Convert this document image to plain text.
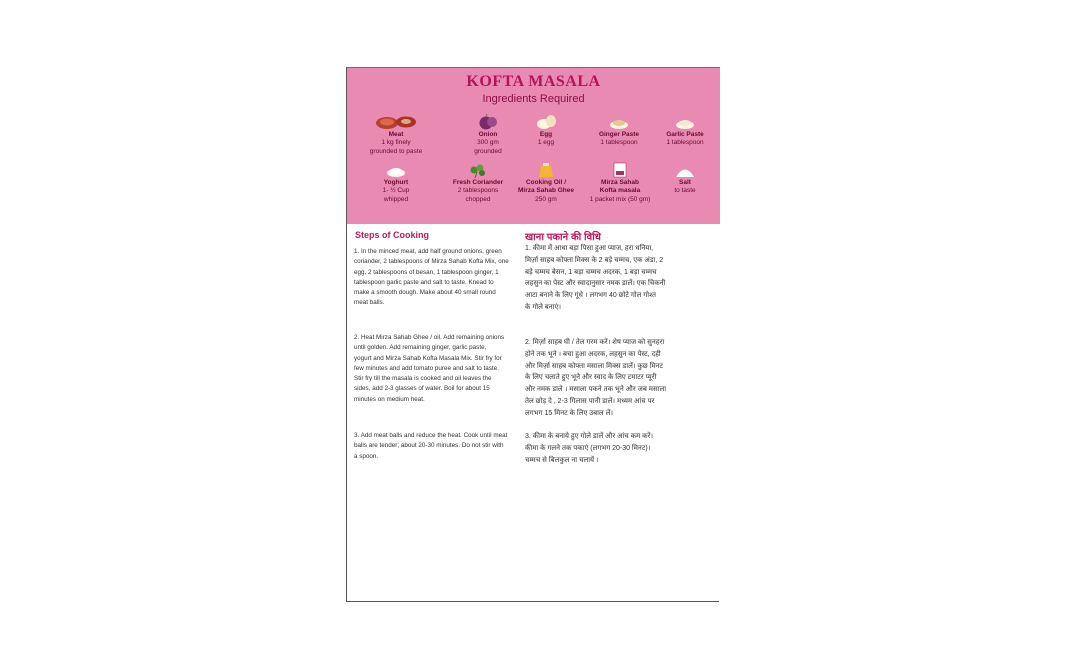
KOFTA MASALA
Ingredients Required
Meat
1 kg finely
grounded to paste
Onion
300 gm
grounded
Egg
1 egg
Ginger Paste
1 tablespoon
Garlic Paste
1 tablespoon
Yoghurt
1- ½ Cup
whipped
Fresh Coriander
2 tablespoons
chopped
Cooking Oil /
Mirza Sahab Ghee
250 gm
Mirza Sahab
Kofta masala
1 packet mix (50 gm)
Salt
to taste
Steps of Cooking	खाना पकाने की विधि
1. In the minced meat, add half ground onions, green
coriander, 2 tablespoons of Mirza Sahab Kofta Mix, one
egg, 2 tablespoons of besan, 1 tablespoon ginger, 1
tablespoon garlic paste and salt to taste. Knead to
make a smooth dough. Make about 40 small round
meat balls.
2. Heat Mirza Sahab Ghee / oil. Add remaining onions
until golden. Add remaining ginger, garlic paste,
yogurt and Mirza Sahab Kofta Masala Mix. Stir fry for
few minutes and add tomato puree and salt to taste.
Stir fry till the masala is cooked and oil leaves the
sides, add 2-3 glasses of water. Boil for about 15
minutes on medium heat.
3. Add meat balls and reduce the heat. Cook until meat
balls are tender; about 20-30 minutes. Do not stir with
a spoon.
1. कीमा में आधा बड़ा पिसा हुआ प्याज, हरा धनिया,
मिर्ज़ा साहब कोफ्ता मिक्स के 2 बड़े चम्मच, एक अंडा, 2
बड़े चम्मच बेसन, 1 बड़ा चम्मच अदरक, 1 बड़ा चम्मच
लहसुन का पेस्ट और स्वादानुसार नमक डालें। एक चिकनी
आटा बनाने के लिए गूंधे । लगभग 40 छोटे गोल गोश्त
के गोले बनाएं।
2. मिर्ज़ा साहब घी / तेल गरम करें। शेष प्याज को सुनहरा
होने तक भूने । बचा हुआ अदरक, लहसुन का पेस्ट, दही
और मिर्ज़ा साहब कोफ्ता मसाला मिक्स डालें। कुछ मिनट
के लिए चलाते हुए भूने और स्वाद के लिए टमाटर प्यूरी
और नमक डाले । मसाला पकने तक भूने और जब मसाला
तेल छोड़ दे , 2-3 गिलास पानी डालें। मध्यम आंच पर
लगभग 15 मिनट के लिए उबाल लें।
3. कीमा के बनाये हुए गोले डालें और आंच कम करें।
कीमा के गलने तक पकाएं (लगभग 20-30 मिनट)।
चम्मच से बिलकुल ना चलायें ।
